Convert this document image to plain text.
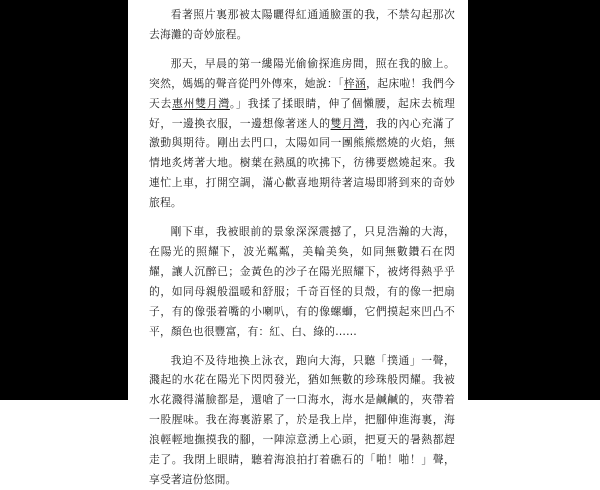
看著照片裏那被太陽曬得紅通通臉蛋的我，不禁勾起那次去海灘的奇妙旅程。

那天，早晨的第一縷陽光偷偷探進房間，照在我的臉上。突然，媽媽的聲音從門外傳來，她說：「梓涵，起床啦！我們今天去惠州雙月灣。」我揉了揉眼睛，伸了個懶腰，起床去梳理好，一邊換衣服，一邊想像著迷人的雙月灣，我的內心充滿了激動與期待。剛出去門口，太陽如同一團熊熊燃燒的火焰，無情地炙烤著大地。樹葉在熱風的吹拂下，彷彿要燃燒起來。我連忙上車，打開空調，滿心歡喜地期待著這場即將到來的奇妙旅程。

剛下車，我被眼前的景象深深震撼了，只見浩瀚的大海，在陽光的照耀下，波光粼粼，美輪美奐，如同無數鑽石在閃耀，讓人沉醉已；金黃色的沙子在陽光照耀下，被烤得熱乎乎的，如同母親般溫暖和舒服；千奇百怪的貝殼，有的像一把扇子，有的像張着嘴的小喇叭，有的像螺螄，它們摸起來凹凸不平，顏色也很豐富，有：紅、白、綠的……

我迫不及待地換上泳衣，跑向大海，只聽「撲通」一聲，濺起的水花在陽光下閃閃發光，猶如無數的珍珠般閃耀。我被水花濺得滿臉都是，還嗆了一口海水，海水是鹹鹹的，夾帶着一股腥味。我在海裏游累了，於是我上岸，把腳伸進海裏，海浪輕輕地撫摸我的腳，一陣涼意湧上心頭，把夏天的暑熱都趕走了。我閉上眼睛，聽着海浪拍打着礁石的「啪！啪！」聲，享受著這份悠閒。
